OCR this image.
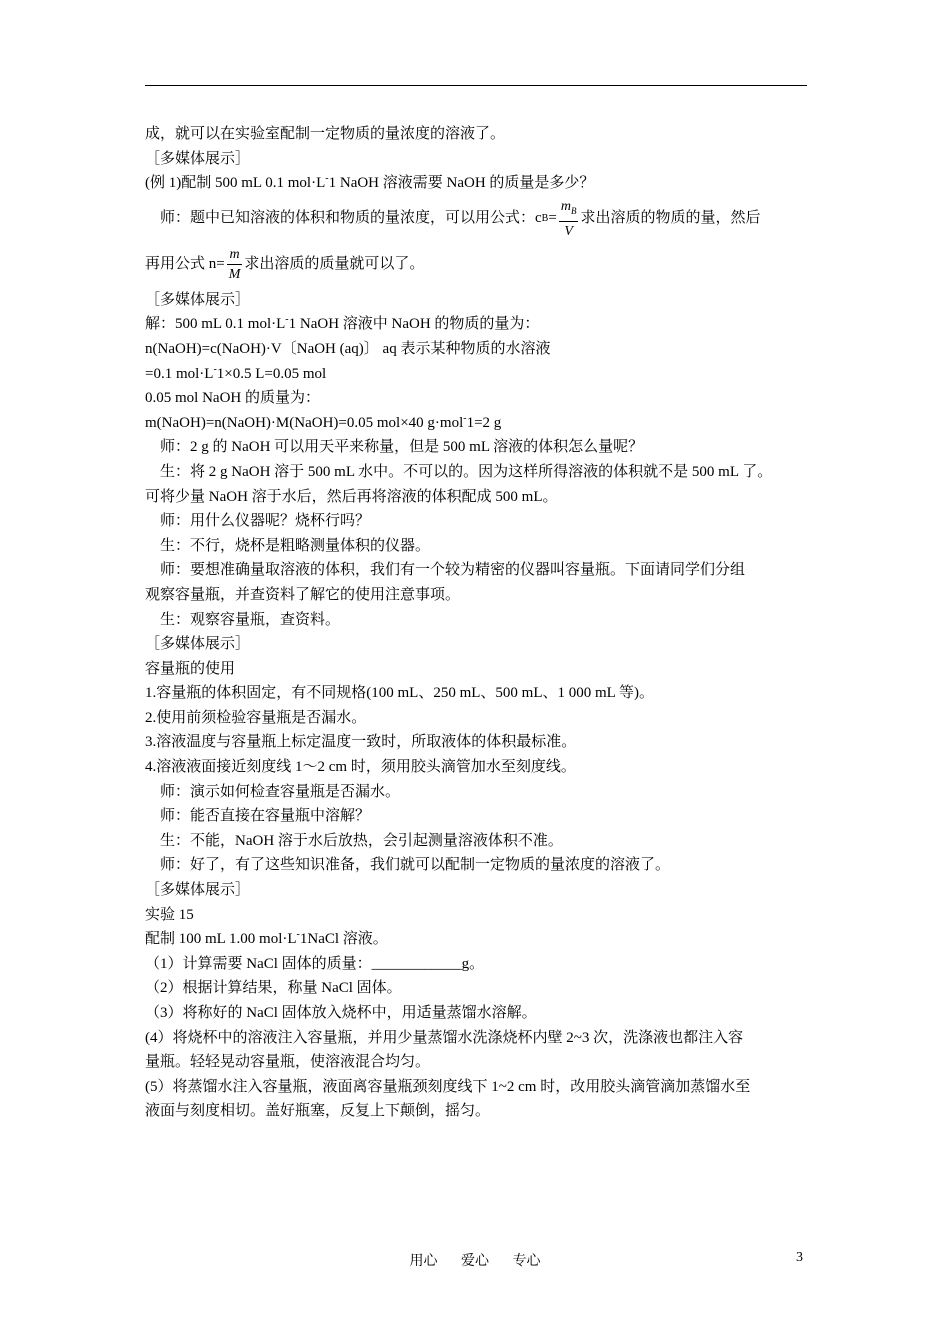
成，就可以在实验室配制一定物质的量浓度的溶液了。
［多媒体展示］
(例 1)配制 500 mL 0.1 mol·L-1 NaOH 溶液需要 NaOH 的质量是多少？
师：题中已知溶液的体积和物质的量浓度，可以用公式：c $B = \frac{m_B}{V}$ 求出溶质的物质的量，然后
再用公式 $n= \frac{m}{M}$ 求出溶质的质量就可以了。
［多媒体展示］
解：500 mL 0.1 mol·L-1 NaOH 溶液中 NaOH 的物质的量为：
n(NaOH)=c(NaOH)·V〔NaOH (aq)〕 aq 表示某种物质的水溶液
=0.1 mol·L-1×0.5 L=0.05 mol
0.05 mol NaOH 的质量为：
m(NaOH)=n(NaOH)·M(NaOH)=0.05 mol×40 g·mol-1=2 g
师：2 g 的 NaOH 可以用天平来称量，但是 500 mL 溶液的体积怎么量呢？
生：将 2 g NaOH 溶于 500 mL 水中。不可以的。因为这样所得溶液的体积就不是 500 mL 了。
可将少量 NaOH 溶于水后，然后再将溶液的体积配成 500 mL。
师：用什么仪器呢？烧杯行吗？
生：不行，烧杯是粗略测量体积的仪器。
师：要想准确量取溶液的体积，我们有一个较为精密的仪器叫容量瓶。下面请同学们分组
观察容量瓶，并查资料了解它的使用注意事项。
生：观察容量瓶，查资料。
［多媒体展示］
容量瓶的使用
1.容量瓶的体积固定，有不同规格(100 mL、250 mL、500 mL、1 000 mL 等)。
2.使用前须检验容量瓶是否漏水。
3.溶液温度与容量瓶上标定温度一致时，所取液体的体积最标准。
4.溶液液面接近刻度线 1～2 cm 时，须用胶头滴管加水至刻度线。
师：演示如何检查容量瓶是否漏水。
师：能否直接在容量瓶中溶解？
生：不能，NaOH 溶于水后放热，会引起测量溶液体积不准。
师：好了，有了这些知识准备，我们就可以配制一定物质的量浓度的溶液了。
［多媒体展示］
实验 15
配制 100 mL 1.00 mol·L-1NaCl 溶液。
（1）计算需要 NaCl 固体的质量：____________g。
（2）根据计算结果，称量 NaCl 固体。
（3）将称好的 NaCl 固体放入烧杯中，用适量蒸馏水溶解。
(4）将烧杯中的溶液注入容量瓶，并用少量蒸馏水洗涤烧杯内壁 2~3 次，洗涤液也都注入容
量瓶。轻轻晃动容量瓶，使溶液混合均匀。
(5）将蒸馏水注入容量瓶，液面离容量瓶颈刻度线下 1~2 cm 时，改用胶头滴管滴加蒸馏水至
液面与刻度相切。盖好瓶塞，反复上下颠倒，摇匀。
用心 爱心 专心	3
